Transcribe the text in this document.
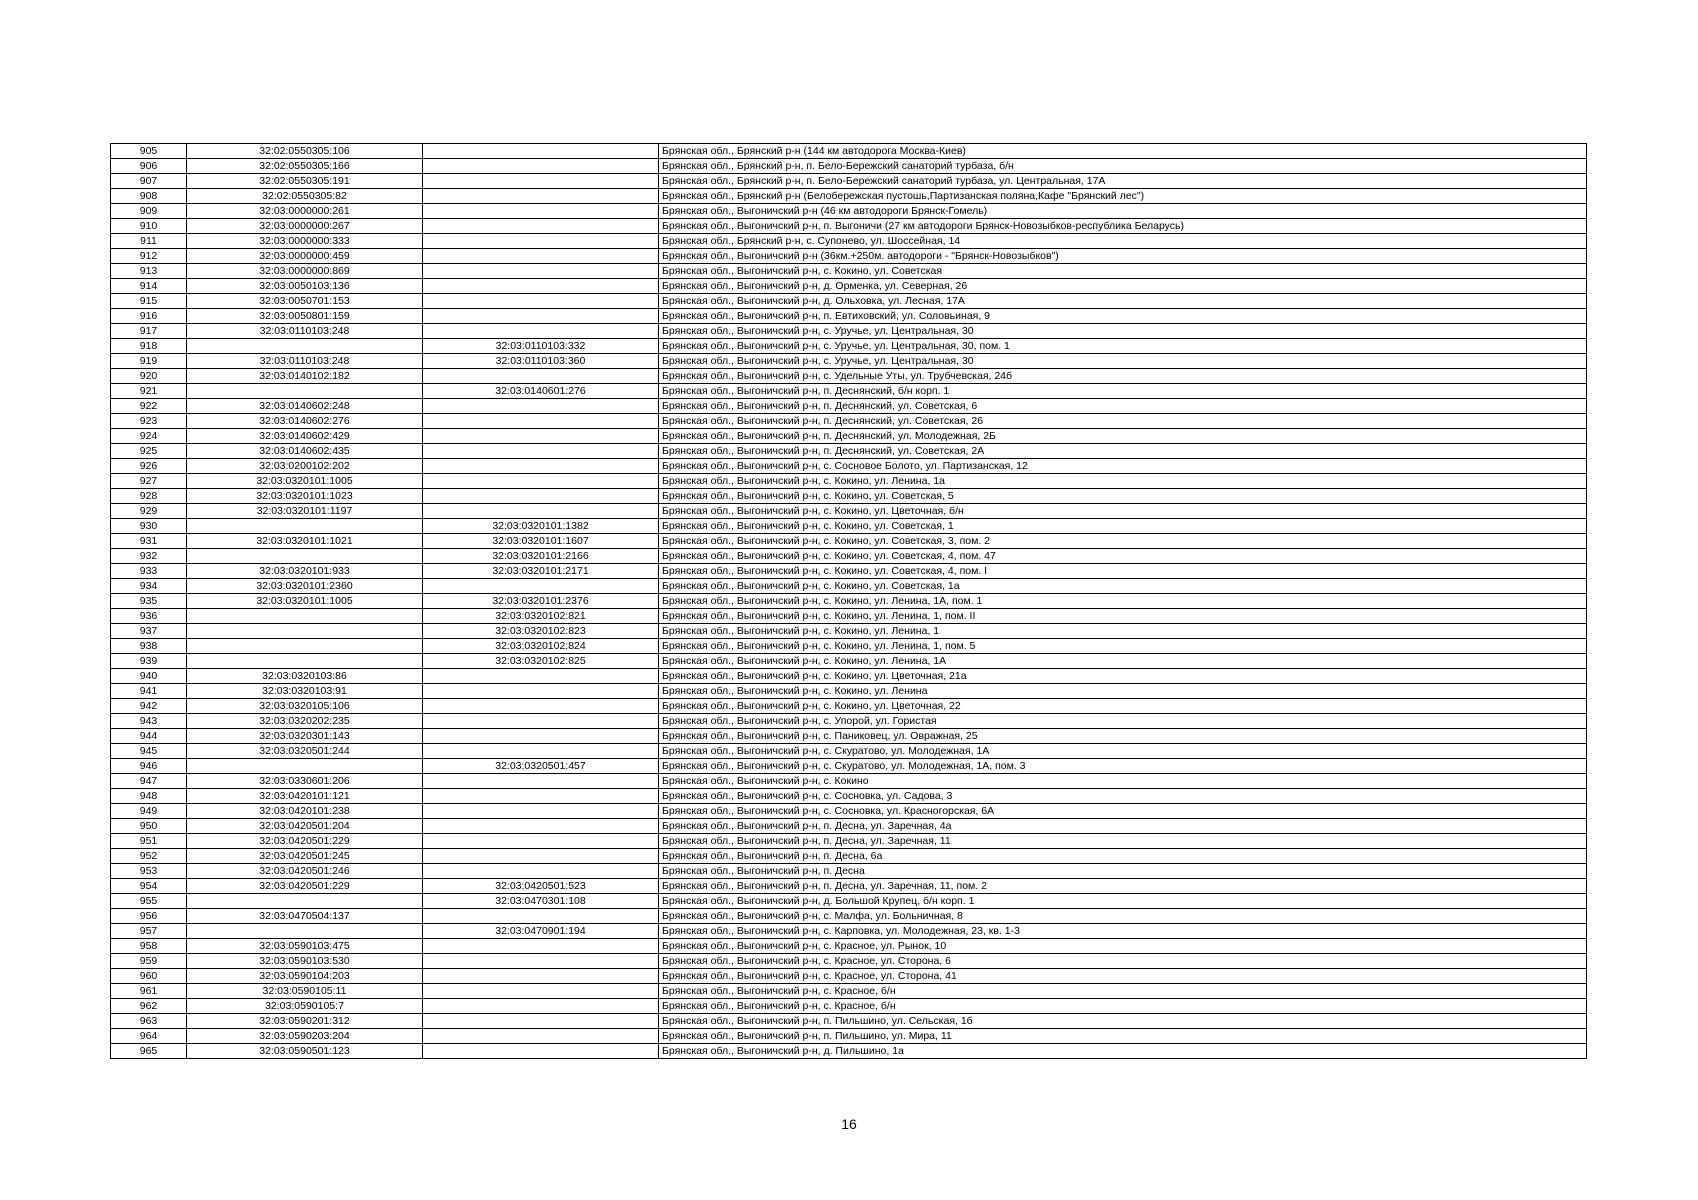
905	32:02:0550305:106		Брянская обл., Брянский р-н (144 км автодорога Москва-Киев)
906	32:02:0550305:166		Брянская обл., Брянский р-н, п. Бело-Бережский санаторий турбаза, б/н
907	32:02:0550305:191		Брянская обл., Брянский р-н, п. Бело-Бережский санаторий турбаза, ул. Центральная, 17А
908	32:02:0550305:82		Брянская обл., Брянский р-н (Белобережская пустошь,Партизанская поляна,Кафе "Брянский лес")
909	32:03:0000000:261		Брянская обл., Выгоничский р-н (46 км автодороги Брянск-Гомель)
910	32:03:0000000:267		Брянская обл., Выгоничский р-н, п. Выгоничи (27 км автодороги Брянск-Новозыбков-республика Беларусь)
911	32:03:0000000:333		Брянская обл., Брянский р-н, с. Супонево, ул. Шоссейная, 14
912	32:03:0000000:459		Брянская обл., Выгоничский р-н (36км.+250м. автодороги - "Брянск-Новозыбков")
913	32:03:0000000:869		Брянская обл., Выгоничский р-н, с. Кокино, ул. Советская
914	32:03:0050103:136		Брянская обл., Выгоничский р-н, д. Орменка, ул. Северная, 26
915	32:03:0050701:153		Брянская обл., Выгоничский р-н, д. Ольховка, ул. Лесная, 17А
916	32:03:0050801:159		Брянская обл., Выгоничский р-н, п. Евтиховский, ул. Соловьиная, 9
917	32:03:0110103:248		Брянская обл., Выгоничский р-н, с. Уручье, ул. Центральная, 30
918		32:03:0110103:332	Брянская обл., Выгоничский р-н, с. Уручье, ул. Центральная, 30, пом. 1
919	32:03:0110103:248	32:03:0110103:360	Брянская обл., Выгоничский р-н, с. Уручье, ул. Центральная, 30
920	32:03:0140102:182		Брянская обл., Выгоничский р-н, с. Удельные Уты, ул. Трубчевская, 24б
921		32:03:0140601:276	Брянская обл., Выгоничский р-н, п. Деснянский, б/н корп. 1
922	32:03:0140602:248		Брянская обл., Выгоничский р-н, п. Деснянский, ул. Советская, 6
923	32:03:0140602:276		Брянская обл., Выгоничский р-н, п. Деснянский, ул. Советская, 26
924	32:03:0140602:429		Брянская обл., Выгоничский р-н, п. Деснянский, ул. Молодежная, 2Б
925	32:03:0140602:435		Брянская обл., Выгоничский р-н, п. Деснянский, ул. Советская, 2А
926	32:03:0200102:202		Брянская обл., Выгоничский р-н, с. Сосновое Болото, ул. Партизанская, 12
927	32:03:0320101:1005		Брянская обл., Выгоничский р-н, с. Кокино, ул. Ленина, 1а
928	32:03:0320101:1023		Брянская обл., Выгоничский р-н, с. Кокино, ул. Советская, 5
929	32:03:0320101:1197		Брянская обл., Выгоничский р-н, с. Кокино, ул. Цветочная, б/н
930		32:03:0320101:1382	Брянская обл., Выгоничский р-н, с. Кокино, ул. Советская, 1
931	32:03:0320101:1021	32:03:0320101:1607	Брянская обл., Выгоничский р-н, с. Кокино, ул. Советская, 3, пом. 2
932		32:03:0320101:2166	Брянская обл., Выгоничский р-н, с. Кокино, ул. Советская, 4, пом. 47
933	32:03:0320101:933	32:03:0320101:2171	Брянская обл., Выгоничский р-н, с. Кокино, ул. Советская, 4, пом. I
934	32:03:0320101:2360		Брянская обл., Выгоничский р-н, с. Кокино, ул. Советская, 1а
935	32:03:0320101:1005	32:03:0320101:2376	Брянская обл., Выгоничский р-н, с. Кокино, ул. Ленина, 1А, пом. 1
936		32:03:0320102:821	Брянская обл., Выгоничский р-н, с. Кокино, ул. Ленина, 1, пом. II
937		32:03:0320102:823	Брянская обл., Выгоничский р-н, с. Кокино, ул. Ленина, 1
938		32:03:0320102:824	Брянская обл., Выгоничский р-н, с. Кокино, ул. Ленина, 1, пом. 5
939		32:03:0320102:825	Брянская обл., Выгоничский р-н, с. Кокино, ул. Ленина, 1А
940	32:03:0320103:86		Брянская обл., Выгоничский р-н, с. Кокино, ул. Цветочная, 21а
941	32:03:0320103:91		Брянская обл., Выгоничский р-н, с. Кокино, ул. Ленина
942	32:03:0320105:106		Брянская обл., Выгоничский р-н, с. Кокино, ул. Цветочная, 22
943	32:03:0320202:235		Брянская обл., Выгоничский р-н, с. Упорой, ул. Гористая
944	32:03:0320301:143		Брянская обл., Выгоничский р-н, с. Паниковец, ул. Овражная, 25
945	32:03:0320501:244		Брянская обл., Выгоничский р-н, с. Скуратово, ул. Молодежная, 1А
946		32:03:0320501:457	Брянская обл., Выгоничский р-н, с. Скуратово, ул. Молодежная, 1А, пом. 3
947	32:03:0330601:206		Брянская обл., Выгоничский р-н, с. Кокино
948	32:03:0420101:121		Брянская обл., Выгоничский р-н, с. Сосновка, ул. Садова, 3
949	32:03:0420101:238		Брянская обл., Выгоничский р-н, с. Сосновка, ул. Красногорская, 6А
950	32:03:0420501:204		Брянская обл., Выгоничский р-н, п. Десна, ул. Заречная, 4а
951	32:03:0420501:229		Брянская обл., Выгоничский р-н, п. Десна, ул. Заречная, 11
952	32:03:0420501:245		Брянская обл., Выгоничский р-н, п. Десна, 6а
953	32:03:0420501:246		Брянская обл., Выгоничский р-н, п. Десна
954	32:03:0420501:229	32:03:0420501:523	Брянская обл., Выгоничский р-н, п. Десна, ул. Заречная, 11, пом. 2
955		32:03:0470301:108	Брянская обл., Выгоничский р-н, д. Большой Крупец, б/н корп. 1
956	32:03:0470504:137		Брянская обл., Выгоничский р-н, с. Малфа, ул. Больничная, 8
957		32:03:0470901:194	Брянская обл., Выгоничский р-н, с. Карповка, ул. Молодежная, 23, кв. 1-3
958	32:03:0590103:475		Брянская обл., Выгоничский р-н, с. Красное, ул. Рынок, 10
959	32:03:0590103:530		Брянская обл., Выгоничский р-н, с. Красное, ул. Сторона, 6
960	32:03:0590104:203		Брянская обл., Выгоничский р-н, с. Красное, ул. Сторона, 41
961	32:03:0590105:11		Брянская обл., Выгоничский р-н, с. Красное, б/н
962	32:03:0590105:7		Брянская обл., Выгоничский р-н, с. Красное, б/н
963	32:03:0590201:312		Брянская обл., Выгоничский р-н, п. Пильшино, ул. Сельская, 1б
964	32:03:0590203:204		Брянская обл., Выгоничский р-н, п. Пильшино, ул. Мира, 11
965	32:03:0590501:123		Брянская обл., Выгоничский р-н, д. Пильшино, 1а
16
